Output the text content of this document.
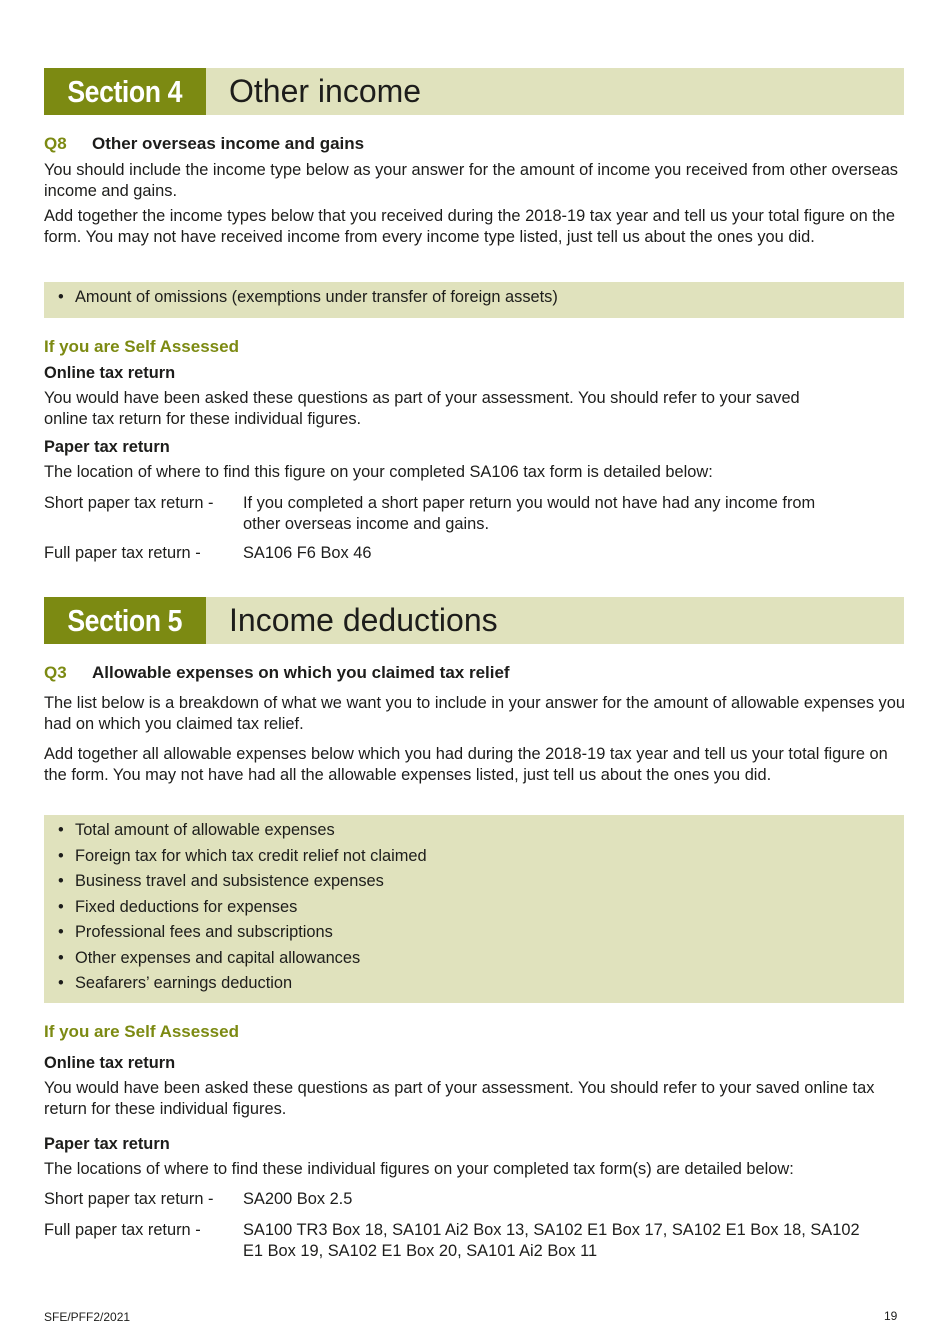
Section 4	Other income
Q8 Other overseas income and gains
You should include the income type below as your answer for the amount of income you received from other overseas income and gains.
Add together the income types below that you received during the 2018-19 tax year and tell us your total figure on the form. You may not have received income from every income type listed, just tell us about the ones you did.
• Amount of omissions (exemptions under transfer of foreign assets)
If you are Self Assessed
Online tax return
You would have been asked these questions as part of your assessment. You should refer to your saved online tax return for these individual figures.
Paper tax return
The location of where to find this figure on your completed SA106 tax form is detailed below:
Short paper tax return - If you completed a short paper return you would not have had any income from other overseas income and gains.
Full paper tax return -	SA106 F6 Box 46
Section 5	Income deductions
Q3 Allowable expenses on which you claimed tax relief
The list below is a breakdown of what we want you to include in your answer for the amount of allowable expenses you had on which you claimed tax relief.
Add together all allowable expenses below which you had during the 2018-19 tax year and tell us your total figure on the form. You may not have had all the allowable expenses listed, just tell us about the ones you did.
• Total amount of allowable expenses
• Foreign tax for which tax credit relief not claimed
• Business travel and subsistence expenses
• Fixed deductions for expenses
• Professional fees and subscriptions
• Other expenses and capital allowances
• Seafarers’ earnings deduction
If you are Self Assessed
Online tax return
You would have been asked these questions as part of your assessment. You should refer to your saved online tax return for these individual figures.
Paper tax return
The locations of where to find these individual figures on your completed tax form(s) are detailed below:
Short paper tax return - SA200 Box 2.5
Full paper tax return -	SA100 TR3 Box 18, SA101 Ai2 Box 13, SA102 E1 Box 17, SA102 E1 Box 18, SA102 E1 Box 19, SA102 E1 Box 20, SA101 Ai2 Box 11
SFE/PFF2/2021	19
